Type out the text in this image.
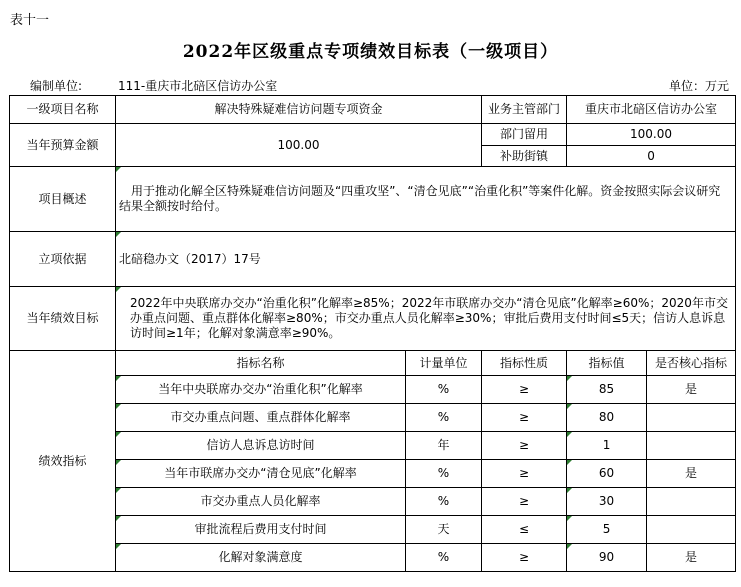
表十一
2022年区级重点专项绩效目标表（一级项目）
编制单位:	111-重庆市北碚区信访办公室	单位：万元
一级项目名称	解决特殊疑难信访问题专项资金		业务主管部门	重庆市北碚区信访办公室	
当年预算金额	100.00		部门留用	100.00	
			补助街镇	0	
项目概述	　用于推动化解全区特殊疑难信访问题及“四重攻坚”、“清仓见底”“治重化积”等案件化解。资金按照实际会议研究结果全额按时给付。				
立项依据	北碚稳办文（2017）17号				
当年绩效目标	2022年中央联席办交办“治重化积”化解率≥85%；2022年市联席办交办“清仓见底”化解率≥60%；2020年市交办重点问题、重点群体化解率≥80%；市交办重点人员化解率≥30%；审批后费用支付时间≤5天；信访人息诉息访时间≥1年；化解对象满意率≥90%。				
绩效指标	指标名称	计量单位	指标性质	指标值	是否核心指标
	当年中央联席办交办“治重化积”化解率	%	≥	85	是
	市交办重点问题、重点群体化解率	%	≥	80	
	信访人息诉息访时间	年	≥	1	
	当年市联席办交办“清仓见底”化解率	%	≥	60	是
	市交办重点人员化解率	%	≥	30	
	审批流程后费用支付时间	天	≤	5	
	化解对象满意度	%	≥	90	是
